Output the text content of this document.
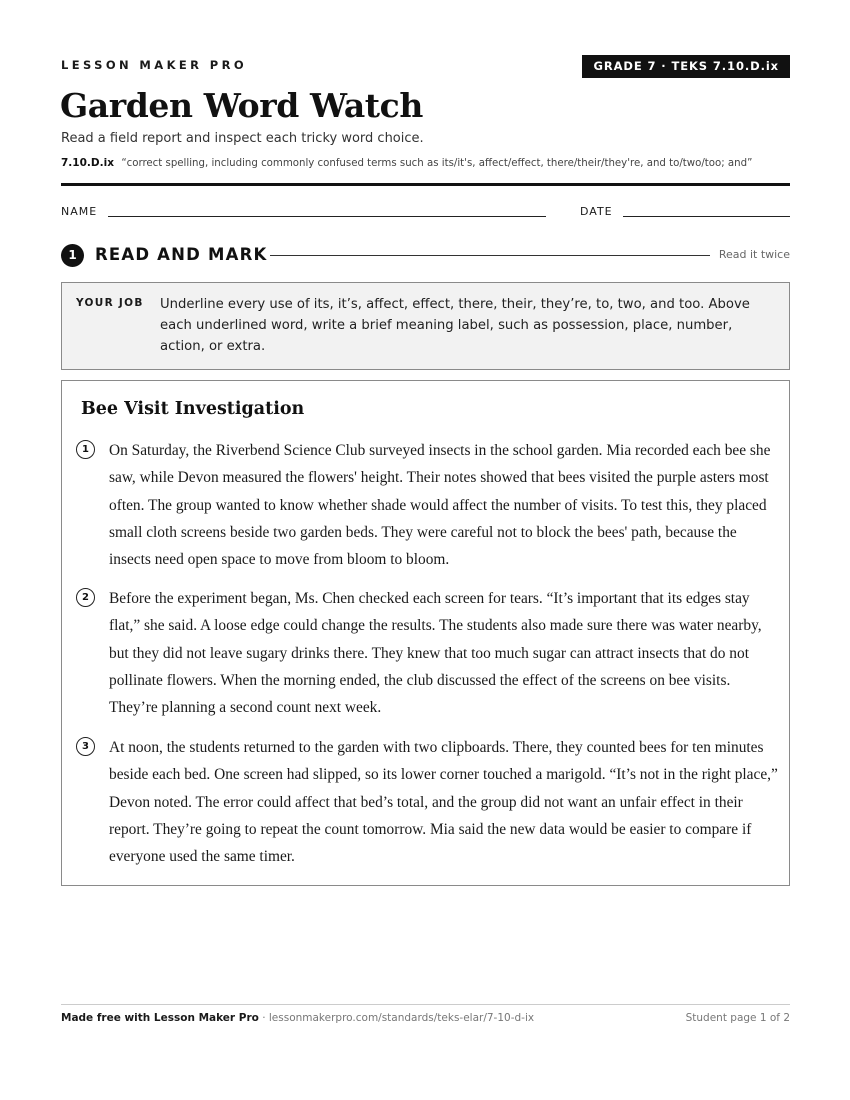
LESSON MAKER PRO	GRADE 7 · TEKS 7.10.D.ix
Garden Word Watch
Read a field report and inspect each tricky word choice.
7.10.D.ix “correct spelling, including commonly confused terms such as its/it's, affect/effect, there/their/they're, and to/two/too; and”
NAME	DATE
1	READ AND MARK	Read it twice
YOUR JOB Underline every use of its, it’s, affect, effect, there, their, they’re, to, two, and too. Above each underlined word, write a brief meaning label, such as possession, place, number, action, or extra.
Bee Visit Investigation
1	On Saturday, the Riverbend Science Club surveyed insects in the school garden. Mia recorded each bee she saw, while Devon measured the flowers' height. Their notes showed that bees visited the purple asters most often. The group wanted to know whether shade would affect the number of visits. To test this, they placed small cloth screens beside two garden beds. They were careful not to block the bees' path, because the insects need open space to move from bloom to bloom.
2	Before the experiment began, Ms. Chen checked each screen for tears. “It’s important that its edges stay flat,” she said. A loose edge could change the results. The students also made sure there was water nearby, but they did not leave sugary drinks there. They knew that too much sugar can attract insects that do not pollinate flowers. When the morning ended, the club discussed the effect of the screens on bee visits. They’re planning a second count next week.
3	At noon, the students returned to the garden with two clipboards. There, they counted bees for ten minutes beside each bed. One screen had slipped, so its lower corner touched a marigold. “It’s not in the right place,” Devon noted. The error could affect that bed’s total, and the group did not want an unfair effect in their report. They’re going to repeat the count tomorrow. Mia said the new data would be easier to compare if everyone used the same timer.
Made free with Lesson Maker Pro · lessonmakerpro.com/standards/teks-elar/7-10-d-ix	Student page 1 of 2
